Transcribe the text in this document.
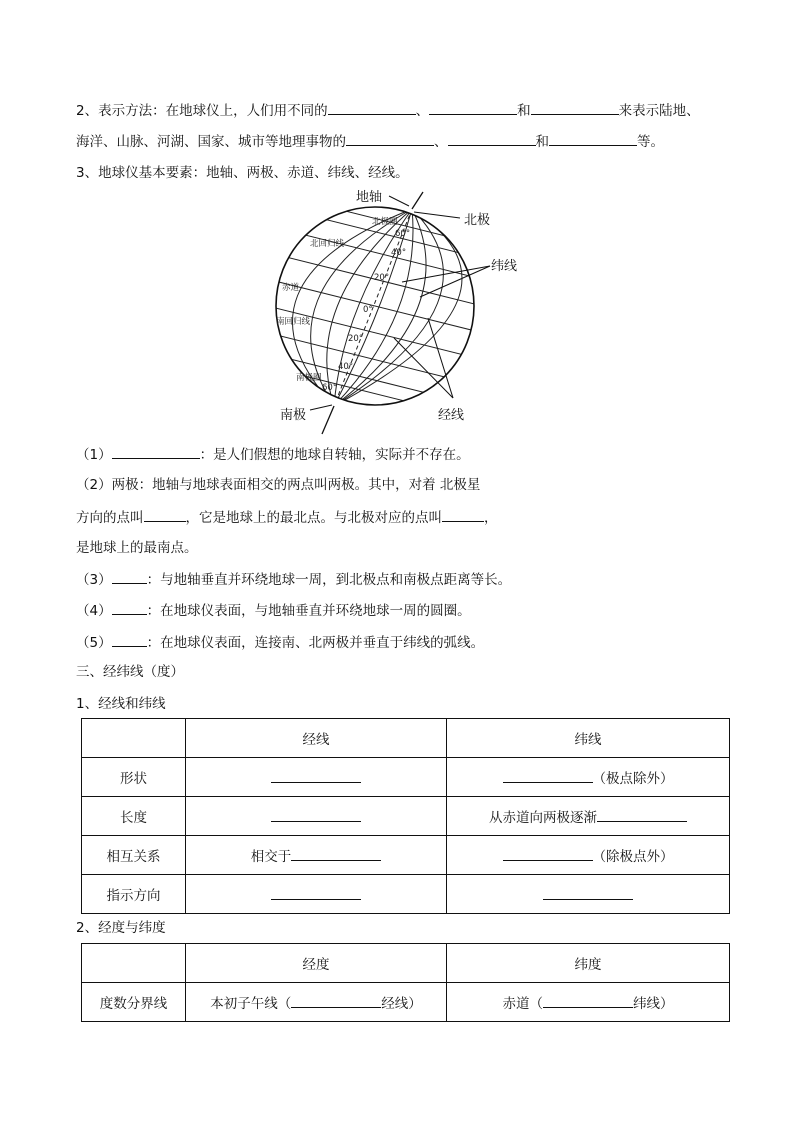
2、表示方法：在地球仪上，人们用不同的	、	和	来表示陆地、
海洋、山脉、河湖、国家、城市等地理事物的	、	和	等。
3、地球仪基本要素：地轴、两极、赤道、纬线、经线。
地轴
北极
纬线
经线
南极
北极圈
北回归线
赤道
南回归线
南极圈
60°
40°
20°
0°
20°
40°
60°
（1）	：是人们假想的地球自转轴，实际并不存在。
（2）两极：地轴与地球表面相交的两点叫两极。其中，对着 北极星
方向的点叫	，它是地球上的最北点。与北极对应的点叫	，
是地球上的最南点。
（3）	：与地轴垂直并环绕地球一周，到北极点和南极点距离等长。
（4）	：在地球仪表面，与地轴垂直并环绕地球一周的圆圈。
（5）	：在地球仪表面，连接南、北两极并垂直于纬线的弧线。
三、经纬线（度）
1、经线和纬线
	经线	纬线
形状		（极点除外）
长度		从赤道向两极逐渐
相互关系	相交于	（除极点外）
指示方向		
2、经度与纬度
	经度	纬度
度数分界线	本初子午线（ 经线）	赤道（ 纬线）
